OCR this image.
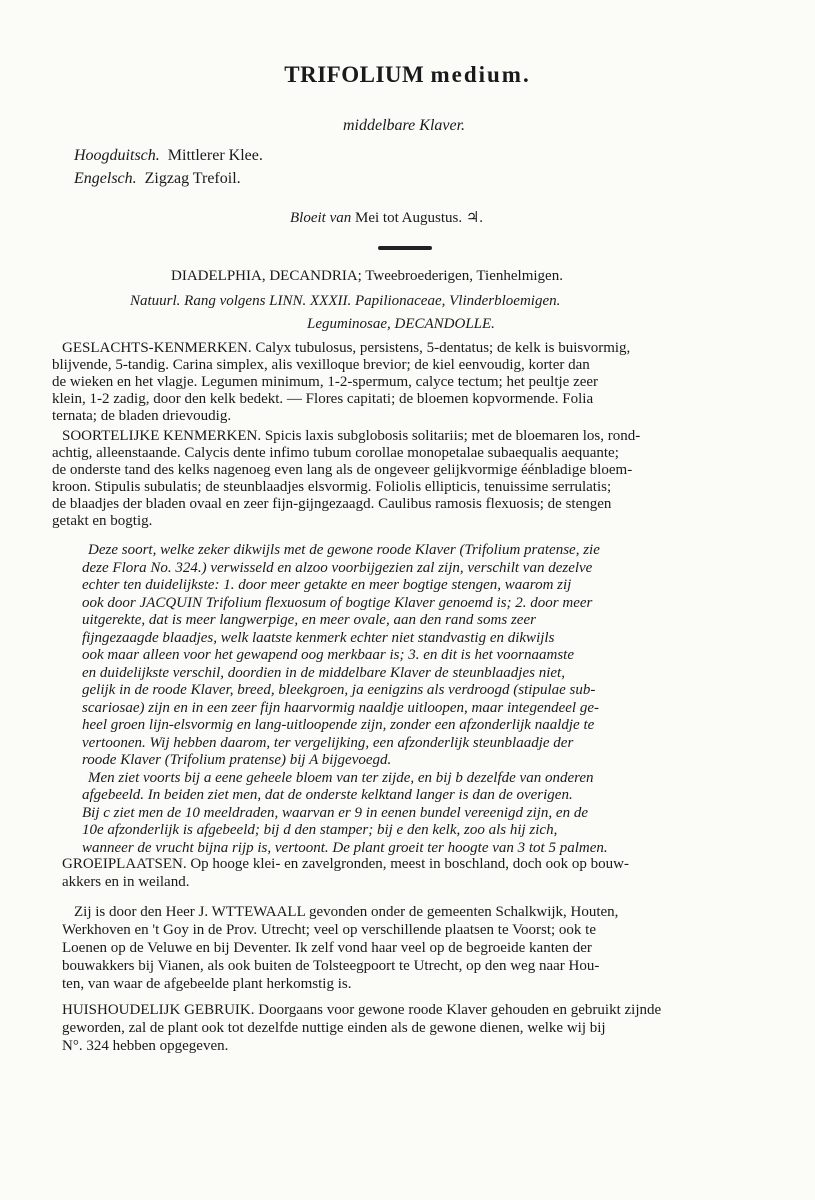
TRIFOLIUM medium.
middelbare Klaver.
Hoogduitsch. Mittlerer Klee.
Engelsch. Zigzag Trefoil.
Bloeit van Mei tot Augustus. ♃.
DIADELPHIA, DECANDRIA; Tweebroederigen, Tienhelmigen.
Natuurl. Rang volgens LINN. XXXII. Papilionaceae, Vlinderbloemigen.
Leguminosae, DECANDOLLE.
GESLACHTS-KENMERKEN. Calyx tubulosus, persistens, 5-dentatus; de kelk is buisvormig,
blijvende, 5-tandig. Carina simplex, alis vexilloque brevior; de kiel eenvoudig, korter dan
de wieken en het vlagje. Legumen minimum, 1-2-spermum, calyce tectum; het peultje zeer
klein, 1-2 zadig, door den kelk bedekt. — Flores capitati; de bloemen kopvormende. Folia
ternata; de bladen drievoudig.
SOORTELIJKE KENMERKEN. Spicis laxis subglobosis solitariis; met de bloemaren los, rond-
achtig, alleenstaande. Calycis dente infimo tubum corollae monopetalae subaequalis aequante;
de onderste tand des kelks nagenoeg even lang als de ongeveer gelijkvormige éénbladige bloem-
kroon. Stipulis subulatis; de steunblaadjes elsvormig. Foliolis ellipticis, tenuissime serrulatis;
de blaadjes der bladen ovaal en zeer fijn-gijngezaagd. Caulibus ramosis flexuosis; de stengen
getakt en bogtig.
Deze soort, welke zeker dikwijls met de gewone roode Klaver (Trifolium pratense, zie
deze Flora No. 324.) verwisseld en alzoo voorbijgezien zal zijn, verschilt van dezelve
echter ten duidelijkste: 1. door meer getakte en meer bogtige stengen, waarom zij
ook door JACQUIN Trifolium flexuosum of bogtige Klaver genoemd is; 2. door meer
uitgerekte, dat is meer langwerpige, en meer ovale, aan den rand soms zeer
fijngezaagde blaadjes, welk laatste kenmerk echter niet standvastig en dikwijls
ook maar alleen voor het gewapend oog merkbaar is; 3. en dit is het voornaamste
en duidelijkste verschil, doordien in de middelbare Klaver de steunblaadjes niet,
gelijk in de roode Klaver, breed, bleekgroen, ja eenigzins als verdroogd (stipulae sub-
scariosae) zijn en in een zeer fijn haarvormig naaldje uitloopen, maar integendeel ge-
heel groen lijn-elsvormig en lang-uitloopende zijn, zonder een afzonderlijk naaldje te
vertoonen. Wij hebben daarom, ter vergelijking, een afzonderlijk steunblaadje der
roode Klaver (Trifolium pratense) bij A bijgevoegd.
Men ziet voorts bij a eene geheele bloem van ter zijde, en bij b dezelfde van onderen
afgebeeld. In beiden ziet men, dat de onderste kelktand langer is dan de overigen.
Bij c ziet men de 10 meeldraden, waarvan er 9 in eenen bundel vereenigd zijn, en de
10e afzonderlijk is afgebeeld; bij d den stamper; bij e den kelk, zoo als hij zich,
wanneer de vrucht bijna rijp is, vertoont. De plant groeit ter hoogte van 3 tot 5 palmen.
GROEIPLAATSEN. Op hooge klei- en zavelgronden, meest in boschland, doch ook op bouw-
akkers en in weiland.
Zij is door den Heer J. WTTEWAALL gevonden onder de gemeenten Schalkwijk, Houten,
Werkhoven en 't Goy in de Prov. Utrecht; veel op verschillende plaatsen te Voorst; ook te
Loenen op de Veluwe en bij Deventer. Ik zelf vond haar veel op de begroeide kanten der
bouwakkers bij Vianen, als ook buiten de Tolsteegpoort te Utrecht, op den weg naar Hou-
ten, van waar de afgebeelde plant herkomstig is.
HUISHOUDELIJK GEBRUIK. Doorgaans voor gewone roode Klaver gehouden en gebruikt zijnde
geworden, zal de plant ook tot dezelfde nuttige einden als de gewone dienen, welke wij bij
N°. 324 hebben opgegeven.
